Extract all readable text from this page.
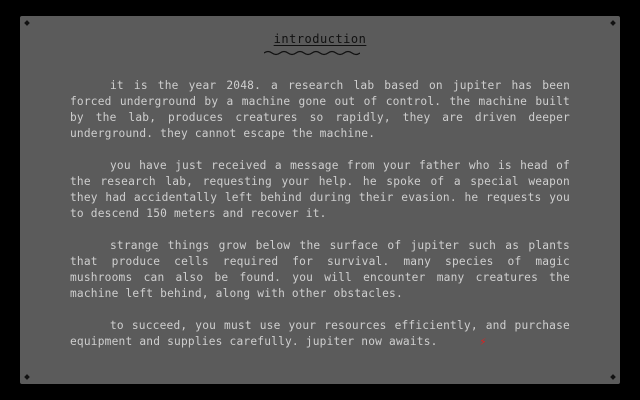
introduction

it is the year 2048. a research lab based on jupiter has been forced underground by a machine gone out of control. the machine built by the lab, produces creatures so rapidly, they are driven deeper underground. they cannot escape the machine.

you have just received a message from your father who is head of the research lab, requesting your help. he spoke of a special weapon they had accidentally left behind during their evasion. he requests you to descend 150 meters and recover it.

strange things grow below the surface of jupiter such as plants that produce cells required for survival. many species of magic mushrooms can also be found. you will encounter many creatures the machine left behind, along with other obstacles.

to succeed, you must use your resources efficiently, and purchase equipment and supplies carefully. jupiter now awaits.	⚡
